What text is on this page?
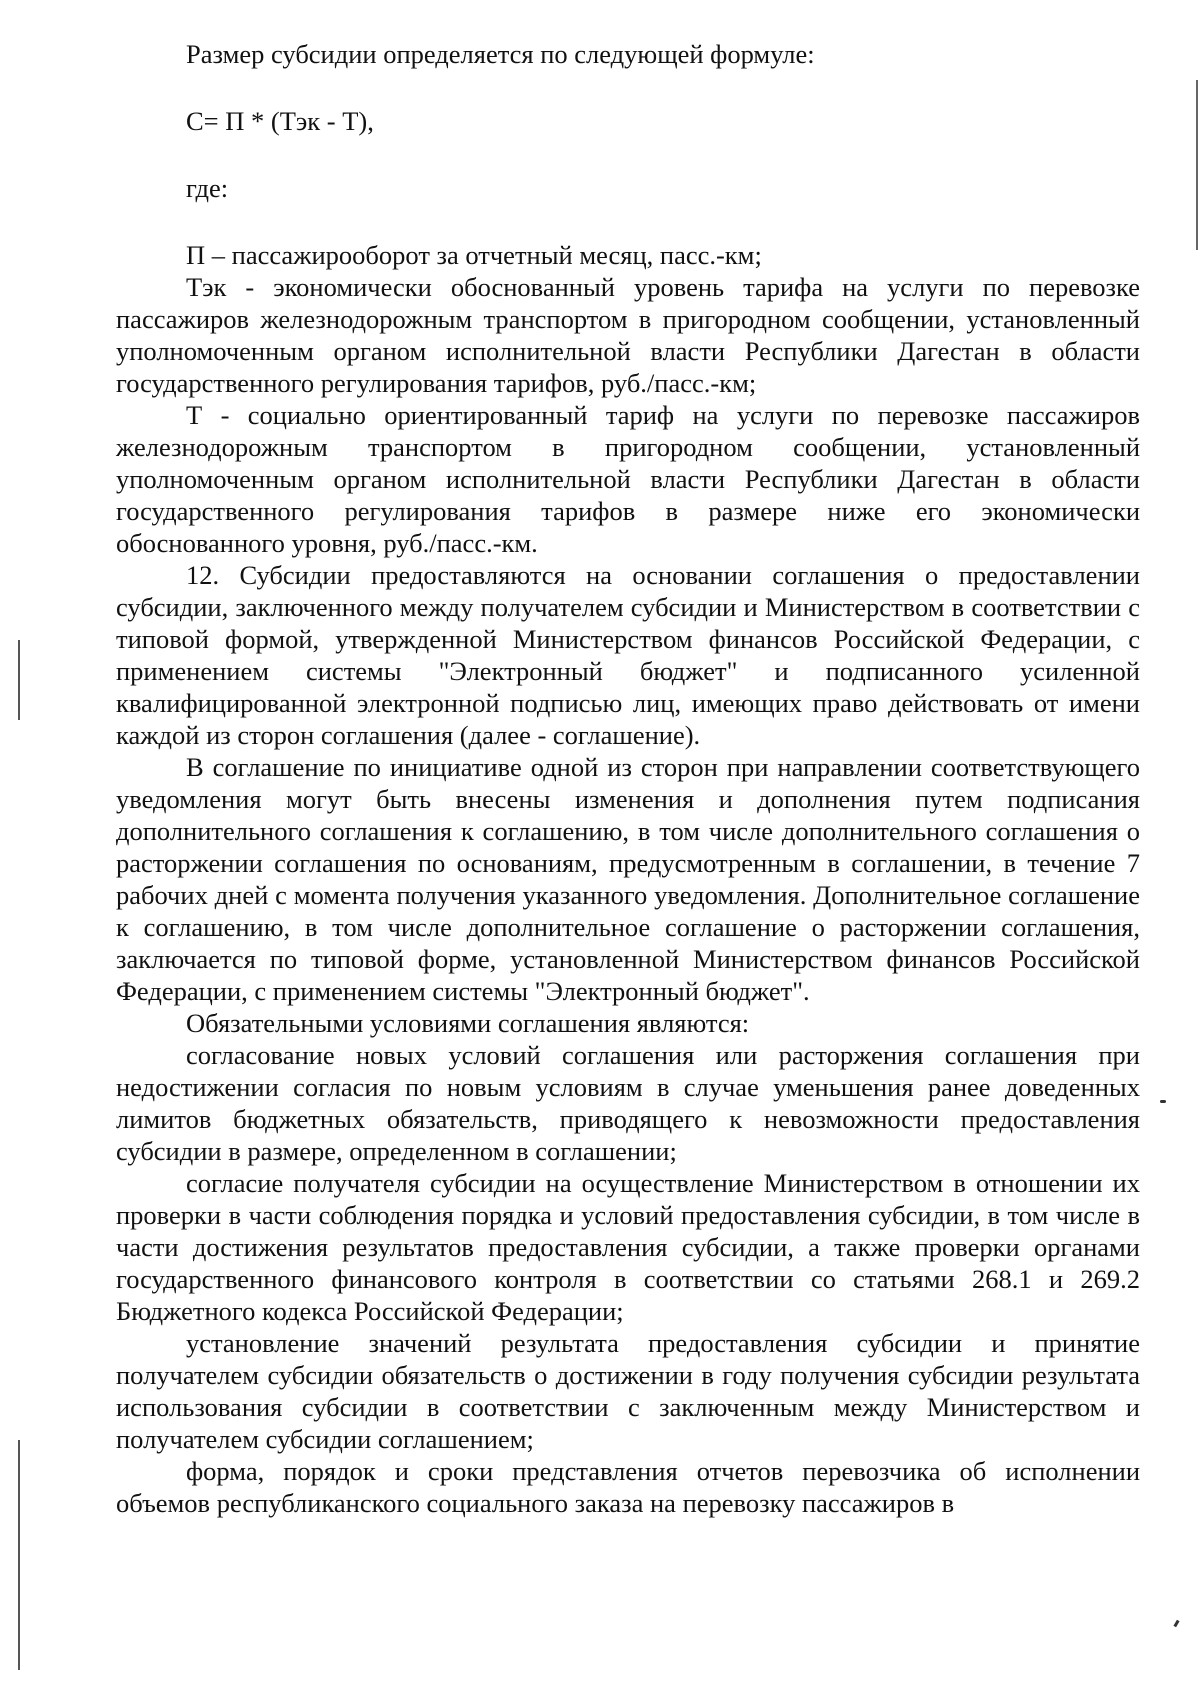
Размер субсидии определяется по следующей формуле:

С= П * (Тэк - Т),

где:

П – пассажирооборот за отчетный месяц, пасс.-км;

Тэк - экономически обоснованный уровень тарифа на услуги по перевозке пассажиров железнодорожным транспортом в пригородном сообщении, установленный уполномоченным органом исполнительной власти Республики Дагестан в области государственного регулирования тарифов, руб./пасс.-км;

Т - социально ориентированный тариф на услуги по перевозке пассажиров железнодорожным транспортом в пригородном сообщении, установленный уполномоченным органом исполнительной власти Республики Дагестан в области государственного регулирования тарифов в размере ниже его экономически обоснованного уровня, руб./пасс.-км.

12. Субсидии предоставляются на основании соглашения о предоставлении субсидии, заключенного между получателем субсидии и Министерством в соответствии с типовой формой, утвержденной Министерством финансов Российской Федерации, с применением системы "Электронный бюджет" и подписанного усиленной квалифицированной электронной подписью лиц, имеющих право действовать от имени каждой из сторон соглашения (далее - соглашение).

В соглашение по инициативе одной из сторон при направлении соответствующего уведомления могут быть внесены изменения и дополнения путем подписания дополнительного соглашения к соглашению, в том числе дополнительного соглашения о расторжении соглашения по основаниям, предусмотренным в соглашении, в течение 7 рабочих дней с момента получения указанного уведомления. Дополнительное соглашение к соглашению, в том числе дополнительное соглашение о расторжении соглашения, заключается по типовой форме, установленной Министерством финансов Российской Федерации, с применением системы "Электронный бюджет".

Обязательными условиями соглашения являются:

согласование новых условий соглашения или расторжения соглашения при недостижении согласия по новым условиям в случае уменьшения ранее доведенных лимитов бюджетных обязательств, приводящего к невозможности предоставления субсидии в размере, определенном в соглашении;

согласие получателя субсидии на осуществление Министерством в отношении их проверки в части соблюдения порядка и условий предоставления субсидии, в том числе в части достижения результатов предоставления субсидии, а также проверки органами государственного финансового контроля в соответствии со статьями 268.1 и 269.2 Бюджетного кодекса Российской Федерации;

установление значений результата предоставления субсидии и принятие получателем субсидии обязательств о достижении в году получения субсидии результата использования субсидии в соответствии с заключенным между Министерством и получателем субсидии соглашением;

форма, порядок и сроки представления отчетов перевозчика об исполнении объемов республиканского социального заказа на перевозку пассажиров в
